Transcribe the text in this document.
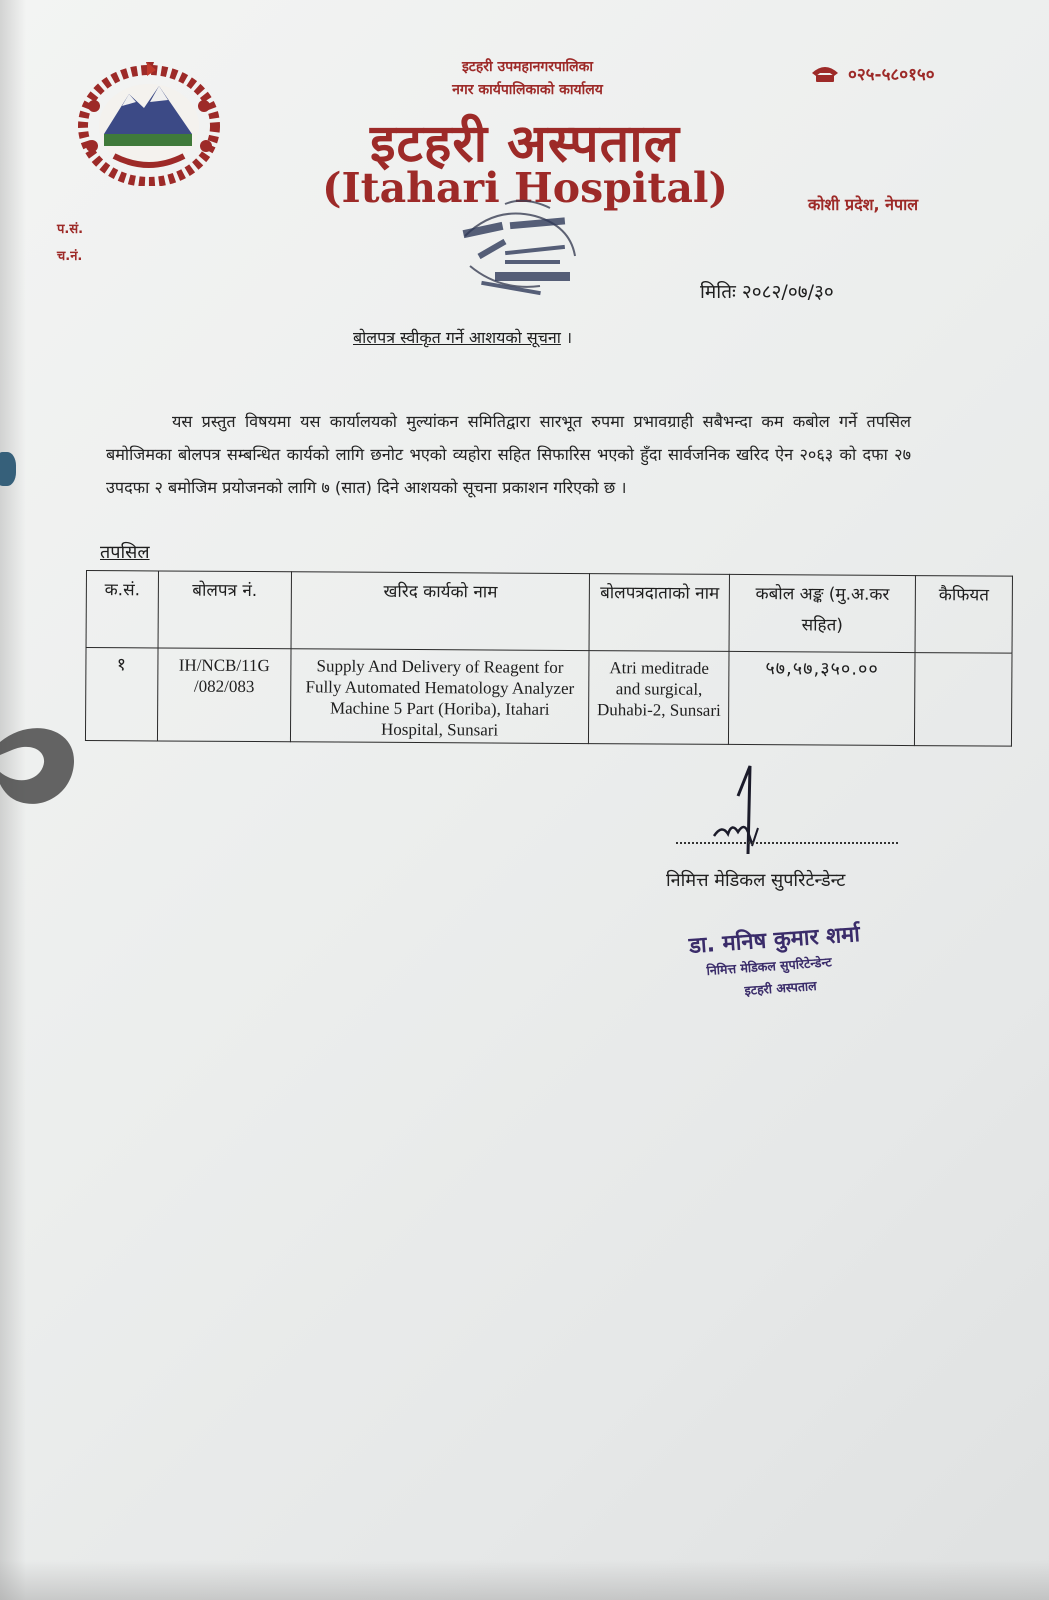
इटहरी उपमहानगरपालिका
नगर कार्यपालिकाको कार्यालय
०२५-५८०१५०
इटहरी अस्पताल
(Itahari Hospital)	कोशी प्रदेश, नेपाल
प.सं.
च.नं.
मितिः २०८२/०७/३०
बोलपत्र स्वीकृत गर्ने आशयको सूचना ।
यस प्रस्तुत विषयमा यस कार्यालयको मुल्यांकन समितिद्वारा सारभूत रुपमा प्रभावग्राही सबैभन्दा कम कबोल गर्ने तपसिल बमोजिमका बोलपत्र सम्बन्धित कार्यको लागि छनोट भएको व्यहोरा सहित सिफारिस भएको हुँदा सार्वजनिक खरिद ऐन २०६३ को दफा २७ उपदफा २ बमोजिम प्रयोजनको लागि ७ (सात) दिने आशयको सूचना प्रकाशन गरिएको छ ।
तपसिल
क.सं.	बोलपत्र नं.	खरिद कार्यको नाम	बोलपत्रदाताको नाम	कबोल अङ्क (मु.अ.कर सहित)	कैफियत
१	IH/NCB/11G /082/083	Supply And Delivery of Reagent for Fully Automated Hematology Analyzer Machine 5 Part (Horiba), Itahari Hospital, Sunsari	Atri meditrade and surgical, Duhabi-2, Sunsari	५७,५७,३५०.००	
निमित्त मेडिकल सुपरिटेन्डेन्ट
डा. मनिष कुमार शर्मा
निमित्त मेडिकल सुपरिटेन्डेन्ट
इटहरी अस्पताल
